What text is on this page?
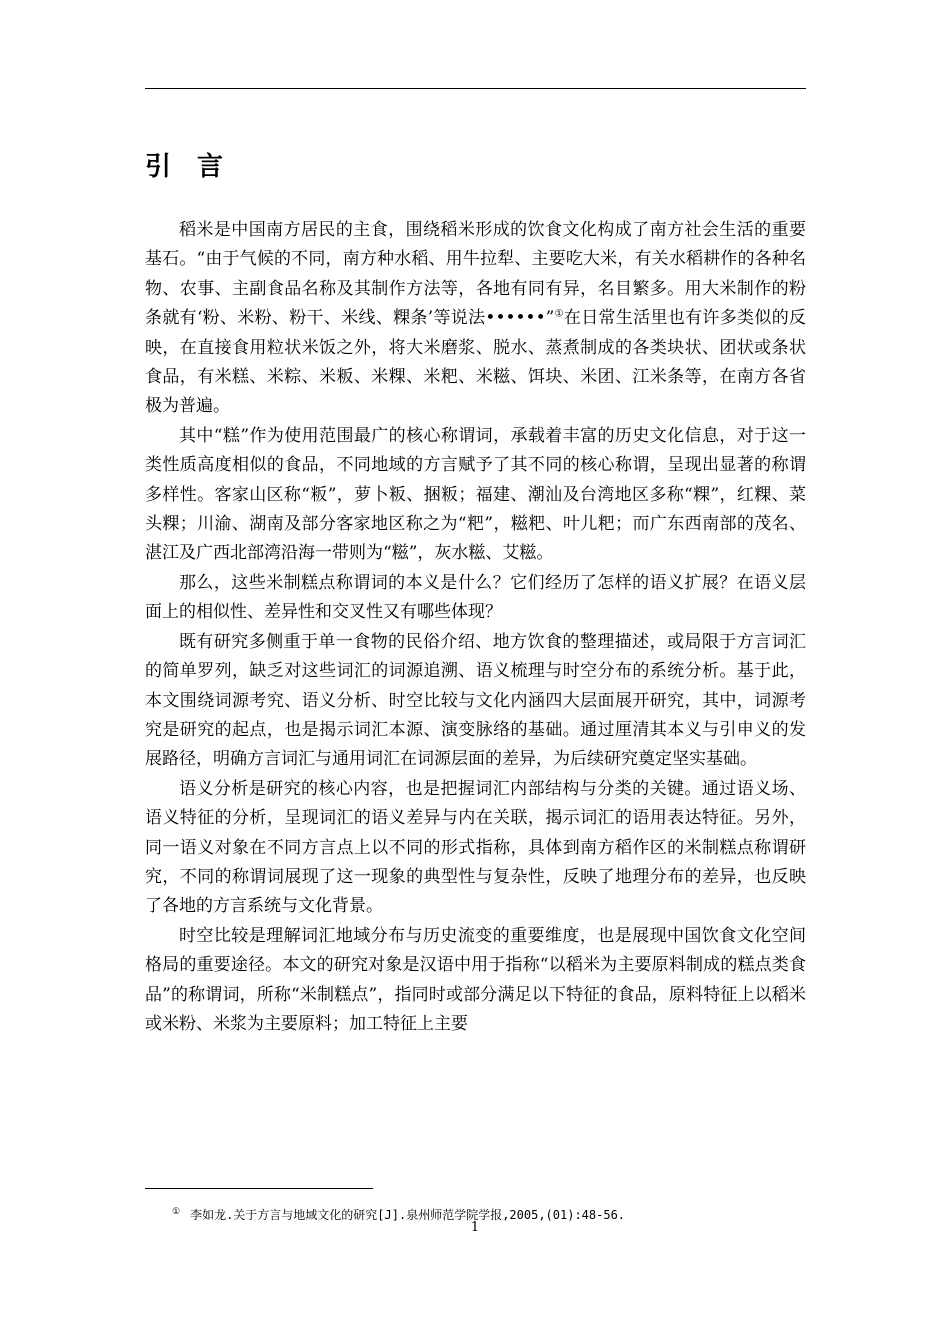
引言

稻米是中国南方居民的主食，围绕稻米形成的饮食文化构成了南方社会生活的重要基石。“由于气候的不同，南方种水稻、用牛拉犁、主要吃大米，有关水稻耕作的各种名物、农事、主副食品名称及其制作方法等，各地有同有异，名目繁多。用大米制作的粉条就有‘粉、米粉、粉干、米线、粿条’等说法••••••”①在日常生活里也有许多类似的反映，在直接食用粒状米饭之外，将大米磨浆、脱水、蒸煮制成的各类块状、团状或条状食品，有米糕、米粽、米粄、米粿、米粑、米糍、饵块、米团、江米条等，在南方各省极为普遍。

其中“糕”作为使用范围最广的核心称谓词，承载着丰富的历史文化信息，对于这一类性质高度相似的食品，不同地域的方言赋予了其不同的核心称谓，呈现出显著的称谓多样性。客家山区称“粄”，萝卜粄、捆粄；福建、潮汕及台湾地区多称“粿”，红粿、菜头粿；川渝、湖南及部分客家地区称之为“粑”，糍粑、叶儿粑；而广东西南部的茂名、湛江及广西北部湾沿海一带则为“糍”，灰水糍、艾糍。

那么，这些米制糕点称谓词的本义是什么？它们经历了怎样的语义扩展？在语义层面上的相似性、差异性和交叉性又有哪些体现？

既有研究多侧重于单一食物的民俗介绍、地方饮食的整理描述，或局限于方言词汇的简单罗列，缺乏对这些词汇的词源追溯、语义梳理与时空分布的系统分析。基于此，本文围绕词源考究、语义分析、时空比较与文化内涵四大层面展开研究，其中，词源考究是研究的起点，也是揭示词汇本源、演变脉络的基础。通过厘清其本义与引申义的发展路径，明确方言词汇与通用词汇在词源层面的差异，为后续研究奠定坚实基础。

语义分析是研究的核心内容，也是把握词汇内部结构与分类的关键。通过语义场、语义特征的分析，呈现词汇的语义差异与内在关联，揭示词汇的语用表达特征。另外，同一语义对象在不同方言点上以不同的形式指称，具体到南方稻作区的米制糕点称谓研究，不同的称谓词展现了这一现象的典型性与复杂性，反映了地理分布的差异，也反映了各地的方言系统与文化背景。

时空比较是理解词汇地域分布与历史流变的重要维度，也是展现中国饮食文化空间格局的重要途径。本文的研究对象是汉语中用于指称“以稻米为主要原料制成的糕点类食品”的称谓词，所称“米制糕点”，指同时或部分满足以下特征的食品，原料特征上以稻米或米粉、米浆为主要原料；加工特征上主要

① 李如龙.关于方言与地域文化的研究[J].泉州师范学院学报,2005,(01):48-56.
1
